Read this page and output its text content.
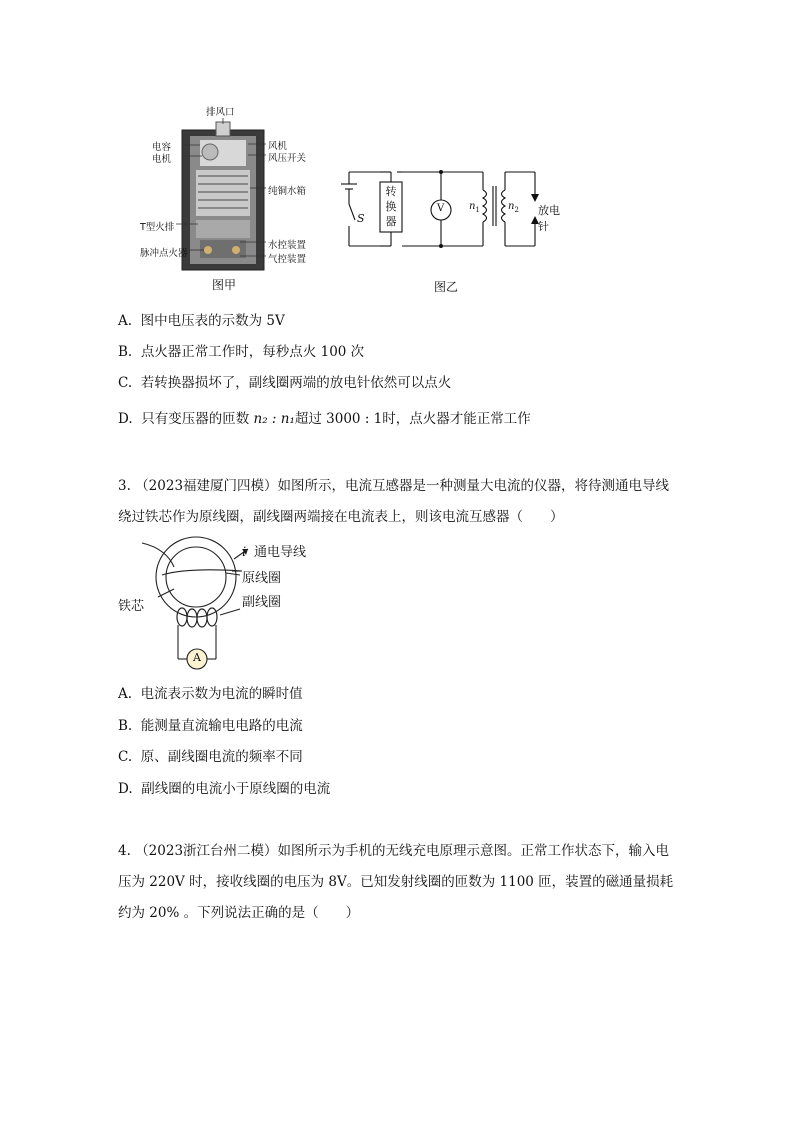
排风口
电容
电机
风机
风压开关
纯铜水箱
T型火排
脉冲点火器
水控装置
气控装置
图甲
S
转
换
器
V $n_1$	$n_2$ 放电针
图乙
A. 图中电压表的示数为 5V
B. 点火器正常工作时，每秒点火 100 次
C. 若转换器损坏了，副线圈两端的放电针依然可以点火
D. 只有变压器的匝数 n₂ : n₁超过 3000 : 1时，点火器才能正常工作
3. （2023福建厦门四模）如图所示，电流互感器是一种测量大电流的仪器，将待测通电导线绕过铁芯作为原线圈，副线圈两端接在电流表上，则该电流互感器（　　）
i 通电导线
原线圈
铁芯	副线圈
A
A. 电流表示数为电流的瞬时值
B. 能测量直流输电电路的电流
C. 原、副线圈电流的频率不同
D. 副线圈的电流小于原线圈的电流
4. （2023浙江台州二模）如图所示为手机的无线充电原理示意图。正常工作状态下，输入电压为 220V 时，接收线圈的电压为 8V。已知发射线圈的匝数为 1100 匝，装置的磁通量损耗约为 20% 。下列说法正确的是（　　）
